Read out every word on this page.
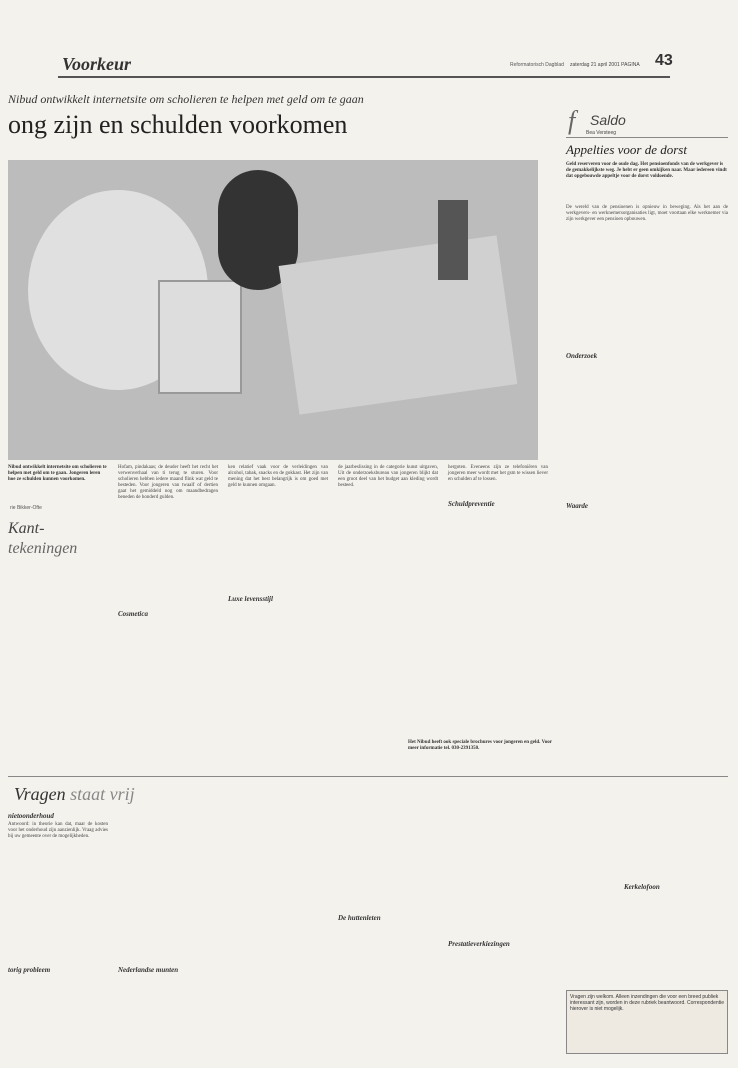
Voorkeur	Reformatorisch Dagblad zaterdag 21 april 2001 PAGINA 43
Nibud ontwikkelt internetsite om scholieren te helpen met geld om te gaan
ong zijn en schulden voorkomen
Nibud ontwikkelt internetsite om scholieren te helpen met geld om te gaan. Jongeren leren hoe ze schulden kunnen voorkomen.
Hofam, pindakaas; de deuder heeft het recht het verwenverhaal van ti terug te sturen. Voor scholieren hebben iedere maand flink wat geld te besteden. Voor jongeren van twaalf of dertien gaat het gemiddeld nog om maandbedragen beneden de honderd gulden.
Cosmetica
ken relatief vaak voor de verleidingen van alcohol, tabak, snacks en de gokkast. Het zijn van mening dat het best belangrijk is om goed met geld te kunnen omgaan.
Luxe levensstijl
de jaarbeslissing in de categorie kunst uitgaven, Uit de onderzoeksbureau van jongeren blijkt dat een groot deel van het budget aan kleding wordt besteed.
hergoten. Eveneens zijn ze telefoniëren van jongeren meer wordt met het gsm te wissen liever en schulden af te lossen.
Schuldpreventie
Kant-
tekeningen
rie Bikker-Ofte
f Saldo
Bea Versteeg
Appelties voor de dorst
Geld reserveren voor de oude dag. Het pensioenfonds van de werkgever is de gemakkelijkste weg. Je hebt er geen omkijken naar. Maar iedereen vindt dat opgebouwde appeltje voor de dorst voldoende.
De wereld van de pensioenen is opnieuw in beweging. Als het aan de werkgevers- en werknemersorganisaties ligt, moet voortaan elke werknemer via zijn werkgever een pensioen opbouwen.
Onderzoek
Waarde
Het Nibud heeft ook speciale brochures voor jongeren en geld. Voor meer informatie tel. 030-2391350.
Vragen staat vrij
nietoonderhoud
Antwoord: in theorie kan dat, maar de kosten voor het onderhoud zijn aanzienlijk. Vraag advies bij uw gemeente over de mogelijkheden.
torig probleem	Nederlandse munten
De huttenleten
Prestatieverkiezingen
Kerkelofoon
Vragen zijn welkom. Alleen inzendingen die voor een breed publiek interessant zijn, worden in deze rubriek beantwoord. Correspondentie hierover is niet mogelijk.
